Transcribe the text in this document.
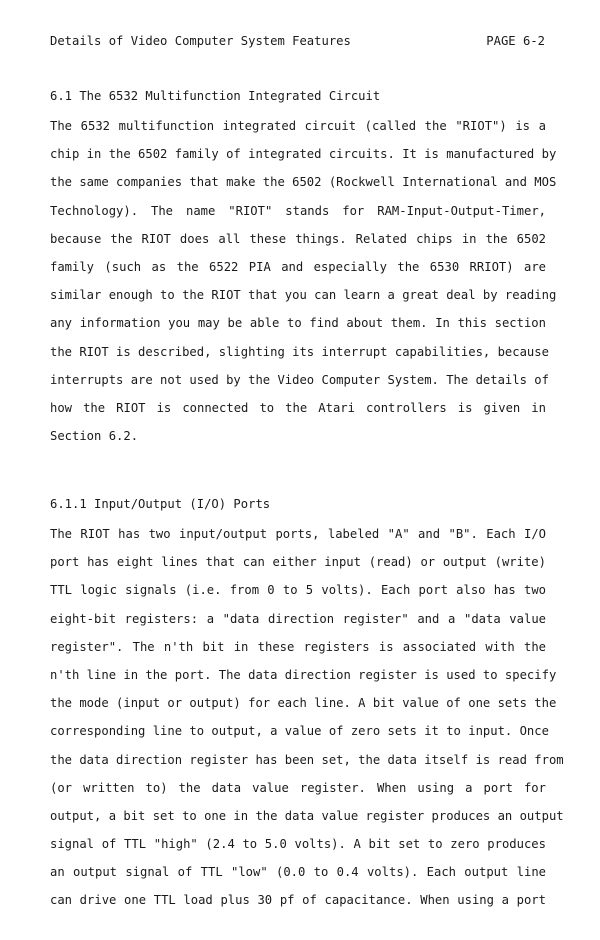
Details of Video Computer System Features	PAGE 6-2
6.1 The 6532 Multifunction Integrated Circuit
The 6532 multifunction integrated circuit (called the "RIOT") is a
chip in the 6502 family of integrated circuits. It is manufactured by
the same companies that make the 6502 (Rockwell International and MOS
Technology). The name "RIOT" stands for RAM-Input-Output-Timer,
because the RIOT does all these things. Related chips in the 6502
family (such as the 6522 PIA and especially the 6530 RRIOT) are
similar enough to the RIOT that you can learn a great deal by reading
any information you may be able to find about them. In this section
the RIOT is described, slighting its interrupt capabilities, because
interrupts are not used by the Video Computer System. The details of
how the RIOT is connected to the Atari controllers is given in
Section 6.2.
6.1.1 Input/Output (I/O) Ports
The RIOT has two input/output ports, labeled "A" and "B". Each I/O
port has eight lines that can either input (read) or output (write)
TTL logic signals (i.e. from 0 to 5 volts). Each port also has two
eight-bit registers: a "data direction register" and a "data value
register". The n'th bit in these registers is associated with the
n'th line in the port. The data direction register is used to specify
the mode (input or output) for each line. A bit value of one sets the
corresponding line to output, a value of zero sets it to input. Once
the data direction register has been set, the data itself is read from
(or written to) the data value register. When using a port for
output, a bit set to one in the data value register produces an output
signal of TTL "high" (2.4 to 5.0 volts). A bit set to zero produces
an output signal of TTL "low" (0.0 to 0.4 volts). Each output line
can drive one TTL load plus 30 pf of capacitance. When using a port
